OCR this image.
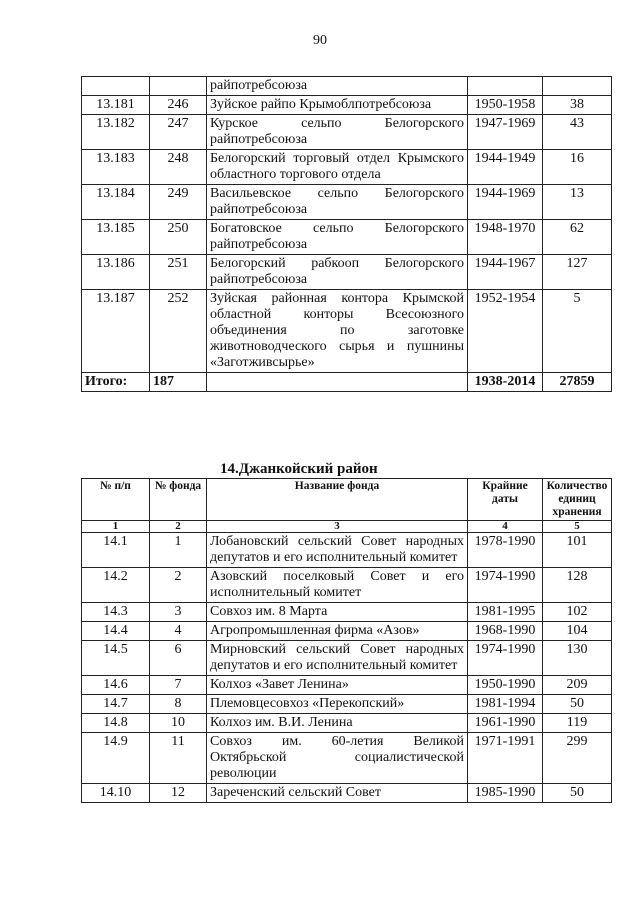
90
		райпотребсоюза		
13.181	246	Зуйское райпо Крымоблпотребсоюза	1950-1958	38
13.182	247	Курское сельпо Белогорского райпотребсоюза	1947-1969	43
13.183	248	Белогорский торговый отдел Крымского областного торгового отдела	1944-1949	16
13.184	249	Васильевское сельпо Белогорского райпотребсоюза	1944-1969	13
13.185	250	Богатовское сельпо Белогорского райпотребсоюза	1948-1970	62
13.186	251	Белогорский рабкооп Белогорского райпотребсоюза	1944-1967	127
13.187	252	Зуйская районная контора Крымской областной конторы Всесоюзного объединения по заготовке животноводческого сырья и пушнины «Заготживсырье»	1952-1954	5
Итого:	187		1938-2014	27859
14.Джанкойский район
№ п/п	№ фонда	Название фонда	Крайние даты	Количество единиц хранения
1	2	3	4	5
14.1	1	Лобановский сельский Совет народных депутатов и его исполнительный комитет	1978-1990	101
14.2	2	Азовский поселковый Совет и его исполнительный комитет	1974-1990	128
14.3	3	Совхоз им. 8 Марта	1981-1995	102
14.4	4	Агропромышленная фирма «Азов»	1968-1990	104
14.5	6	Мирновский сельский Совет народных депутатов и его исполнительный комитет	1974-1990	130
14.6	7	Колхоз «Завет Ленина»	1950-1990	209
14.7	8	Племовцесовхоз «Перекопский»	1981-1994	50
14.8	10	Колхоз им. В.И. Ленина	1961-1990	119
14.9	11	Совхоз им. 60-летия Великой Октябрьской социалистической революции	1971-1991	299
14.10	12	Зареченский сельский Совет	1985-1990	50
